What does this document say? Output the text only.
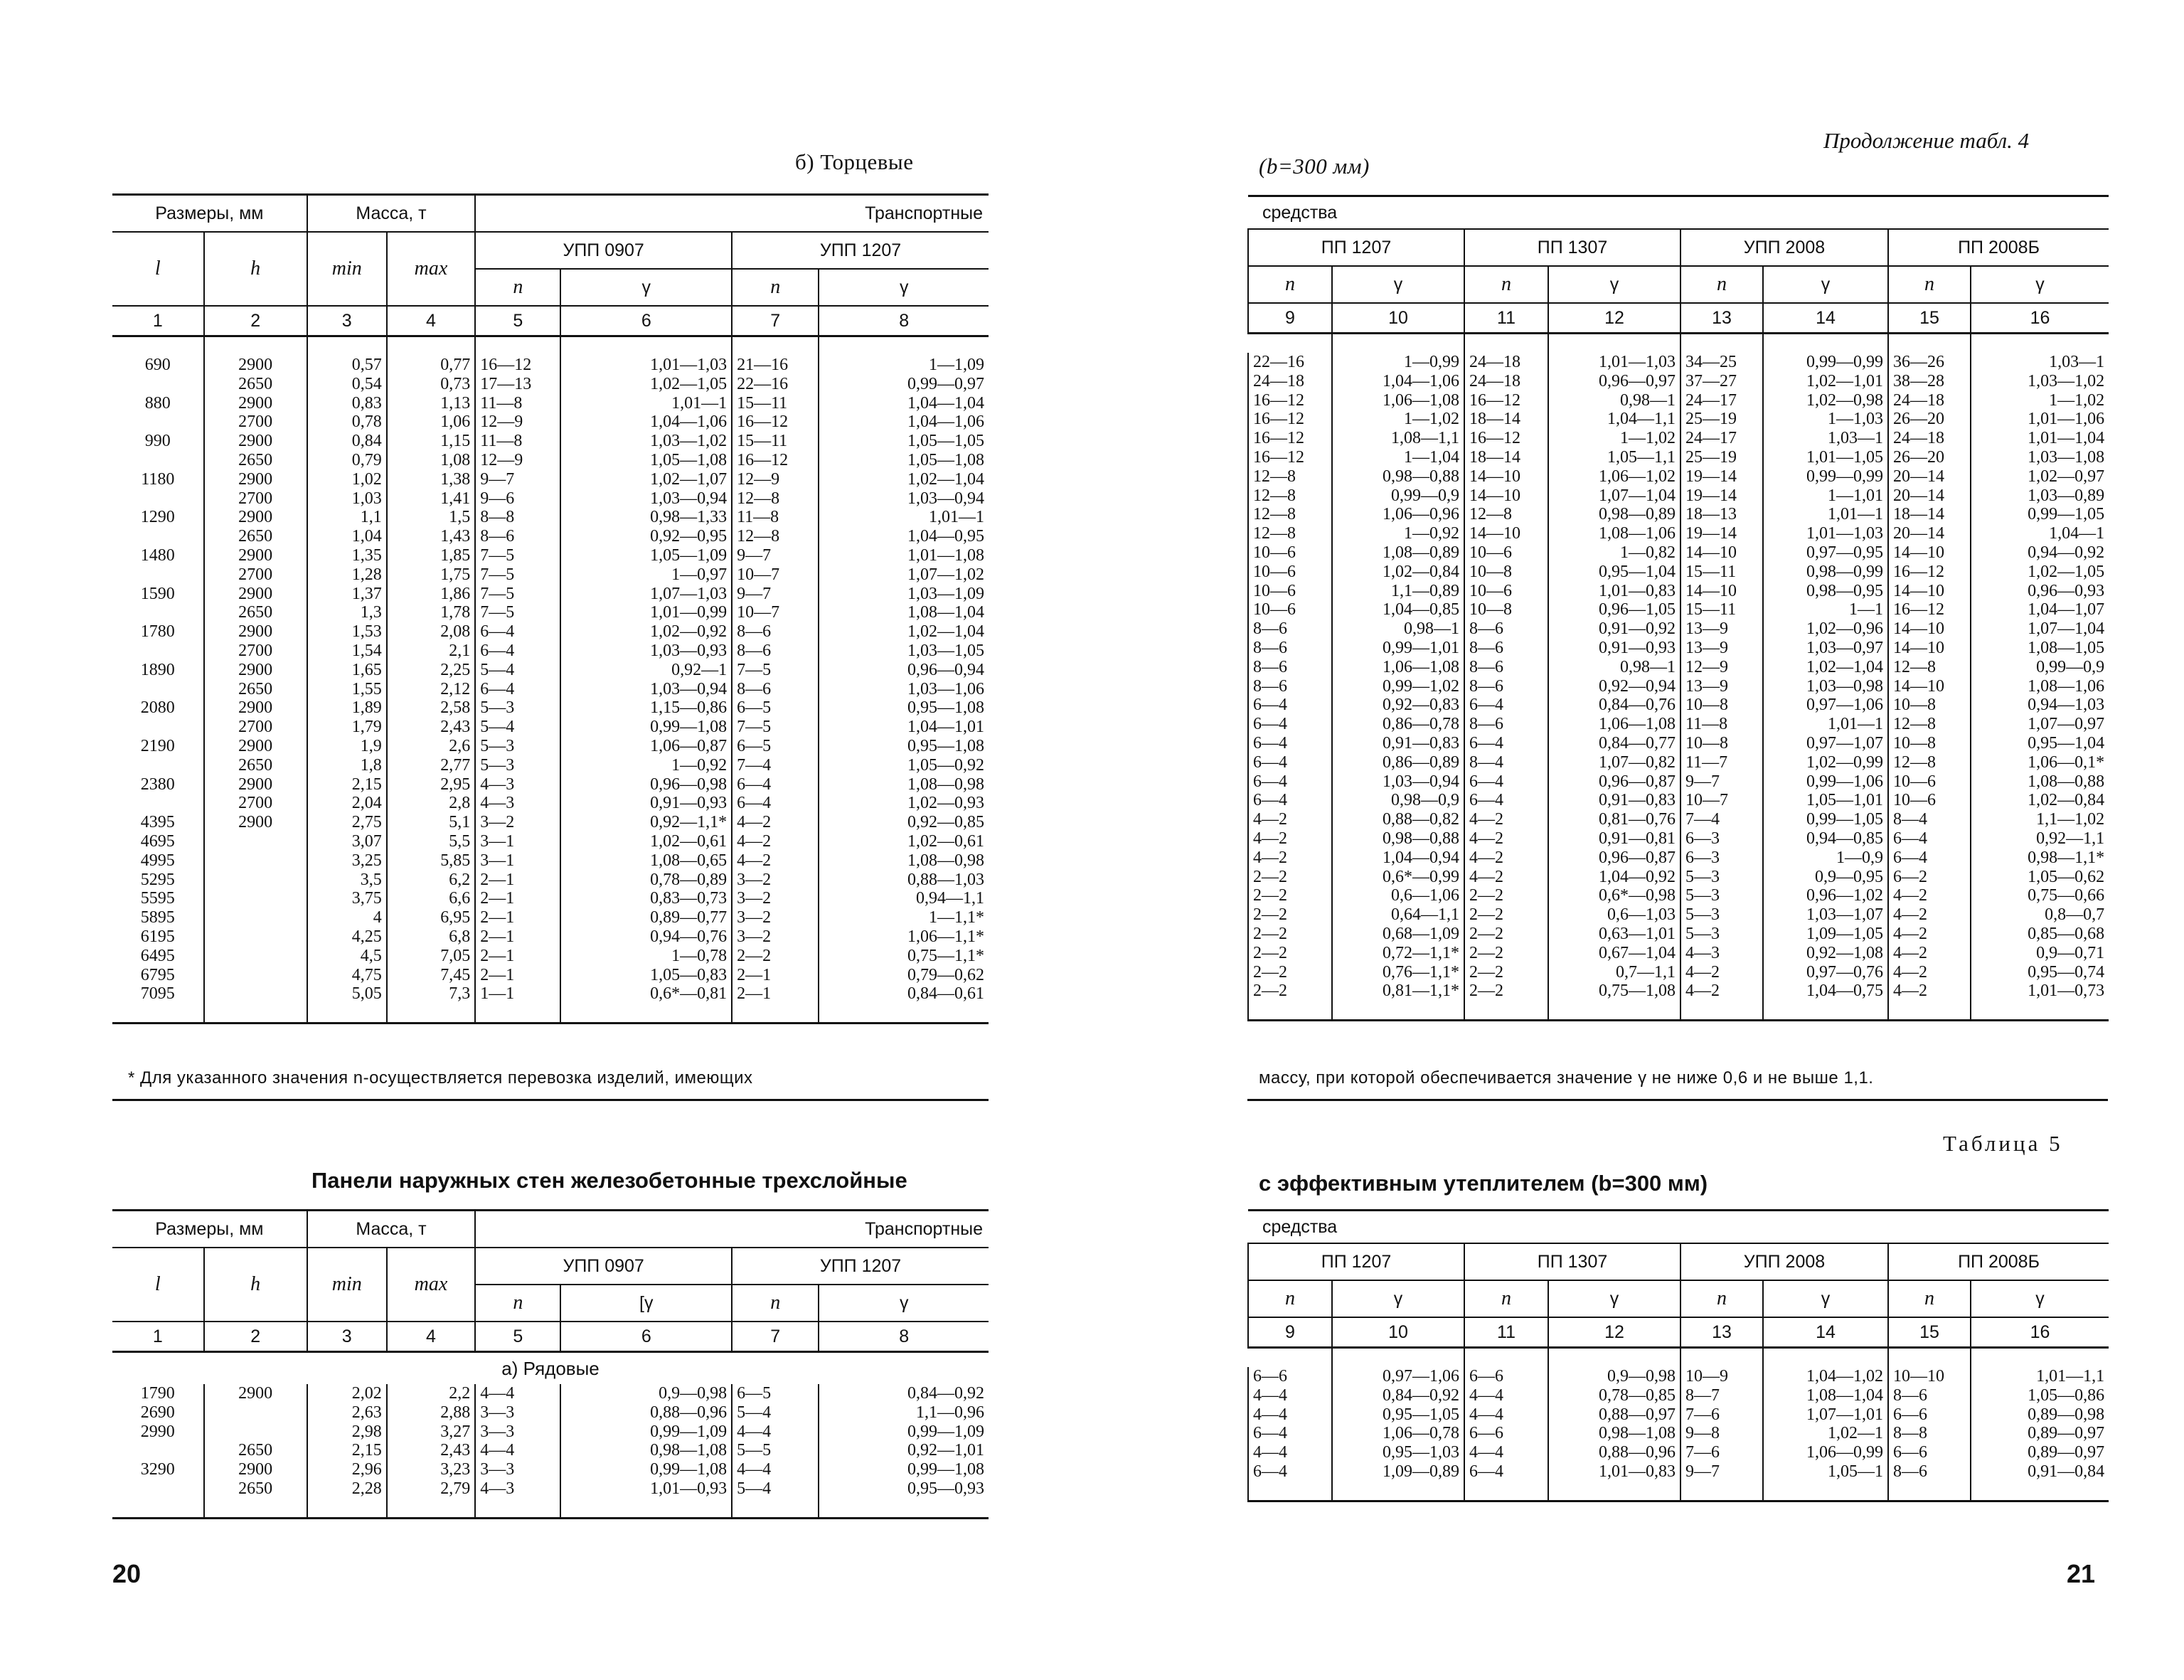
б) Торцевые
Размеры, мм		Масса, т		Транспортные			
l	h	min	max	УПП 0907		УПП 1207	
				n	γ	n	γ
1	2	3	4	5	6	7	8

690	2900	0,57	0,77	16—12	1,01—1,03	21—16	1—1,09
	2650	0,54	0,73	17—13	1,02—1,05	22—16	0,99—0,97
880	2900	0,83	1,13	11—8	1,01—1	15—11	1,04—1,04
	2700	0,78	1,06	12—9	1,04—1,06	16—12	1,04—1,06
990	2900	0,84	1,15	11—8	1,03—1,02	15—11	1,05—1,05
	2650	0,79	1,08	12—9	1,05—1,08	16—12	1,05—1,08
1180	2900	1,02	1,38	9—7	1,02—1,07	12—9	1,02—1,04
	2700	1,03	1,41	9—6	1,03—0,94	12—8	1,03—0,94
1290	2900	1,1	1,5	8—8	0,98—1,33	11—8	1,01—1
	2650	1,04	1,43	8—6	0,92—0,95	12—8	1,04—0,95
1480	2900	1,35	1,85	7—5	1,05—1,09	9—7	1,01—1,08
	2700	1,28	1,75	7—5	1—0,97	10—7	1,07—1,02
1590	2900	1,37	1,86	7—5	1,07—1,03	9—7	1,03—1,09
	2650	1,3	1,78	7—5	1,01—0,99	10—7	1,08—1,04
1780	2900	1,53	2,08	6—4	1,02—0,92	8—6	1,02—1,04
	2700	1,54	2,1	6—4	1,03—0,93	8—6	1,03—1,05
1890	2900	1,65	2,25	5—4	0,92—1	7—5	0,96—0,94
	2650	1,55	2,12	6—4	1,03—0,94	8—6	1,03—1,06
2080	2900	1,89	2,58	5—3	1,15—0,86	6—5	0,95—1,08
	2700	1,79	2,43	5—4	0,99—1,08	7—5	1,04—1,01
2190	2900	1,9	2,6	5—3	1,06—0,87	6—5	0,95—1,08
	2650	1,8	2,77	5—3	1—0,92	7—4	1,05—0,92
2380	2900	2,15	2,95	4—3	0,96—0,98	6—4	1,08—0,98
	2700	2,04	2,8	4—3	0,91—0,93	6—4	1,02—0,93
4395	2900	2,75	5,1	3—2	0,92—1,1*	4—2	0,92—0,85
4695		3,07	5,5	3—1	1,02—0,61	4—2	1,02—0,61
4995		3,25	5,85	3—1	1,08—0,65	4—2	1,08—0,98
5295		3,5	6,2	2—1	0,78—0,89	3—2	0,88—1,03
5595		3,75	6,6	2—1	0,83—0,73	3—2	0,94—1,1
5895		4	6,95	2—1	0,89—0,77	3—2	1—1,1*
6195		4,25	6,8	2—1	0,94—0,76	3—2	1,06—1,1*
6495		4,5	7,05	2—1	1—0,78	2—2	0,75—1,1*
6795		4,75	7,45	2—1	1,05—0,83	2—1	0,79—0,62
7095		5,05	7,3	1—1	0,6*—0,81	2—1	0,84—0,61

* Для указанного значения n-осуществляется перевозка изделий, имеющих
Панели наружных стен железобетонные трехслойные
Размеры, мм		Масса, т		Транспортные			
l	h	min	max	УПП 0907		УПП 1207	
				n	[γ	n	γ
1	2	3	4	5	6	7	8
а) Рядовые							
1790	2900	2,02	2,2	4—4	0,9—0,98	6—5	0,84—0,92
2690		2,63	2,88	3—3	0,88—0,96	5—4	1,1—0,96
2990		2,98	3,27	3—3	0,99—1,09	4—4	0,99—1,09
	2650	2,15	2,43	4—4	0,98—1,08	5—5	0,92—1,01
3290	2900	2,96	3,23	3—3	0,99—1,08	4—4	0,99—1,08
	2650	2,28	2,79	4—3	1,01—0,93	5—4	0,95—0,93

20
Продолжение табл. 4
(b=300 мм)
средства							
ПП 1207		ПП 1307		УПП 2008		ПП 2008Б	
n	γ	n	γ	n	γ	n	γ
9	10	11	12	13	14	15	16

22—16	1—0,99	24—18	1,01—1,03	34—25	0,99—0,99	36—26	1,03—1
24—18	1,04—1,06	24—18	0,96—0,97	37—27	1,02—1,01	38—28	1,03—1,02
16—12	1,06—1,08	16—12	0,98—1	24—17	1,02—0,98	24—18	1—1,02
16—12	1—1,02	18—14	1,04—1,1	25—19	1—1,03	26—20	1,01—1,06
16—12	1,08—1,1	16—12	1—1,02	24—17	1,03—1	24—18	1,01—1,04
16—12	1—1,04	18—14	1,05—1,1	25—19	1,01—1,05	26—20	1,03—1,08
12—8	0,98—0,88	14—10	1,06—1,02	19—14	0,99—0,99	20—14	1,02—0,97
12—8	0,99—0,9	14—10	1,07—1,04	19—14	1—1,01	20—14	1,03—0,89
12—8	1,06—0,96	12—8	0,98—0,89	18—13	1,01—1	18—14	0,99—1,05
12—8	1—0,92	14—10	1,08—1,06	19—14	1,01—1,03	20—14	1,04—1
10—6	1,08—0,89	10—6	1—0,82	14—10	0,97—0,95	14—10	0,94—0,92
10—6	1,02—0,84	10—8	0,95—1,04	15—11	0,98—0,99	16—12	1,02—1,05
10—6	1,1—0,89	10—6	1,01—0,83	14—10	0,98—0,95	14—10	0,96—0,93
10—6	1,04—0,85	10—8	0,96—1,05	15—11	1—1	16—12	1,04—1,07
8—6	0,98—1	8—6	0,91—0,92	13—9	1,02—0,96	14—10	1,07—1,04
8—6	0,99—1,01	8—6	0,91—0,93	13—9	1,03—0,97	14—10	1,08—1,05
8—6	1,06—1,08	8—6	0,98—1	12—9	1,02—1,04	12—8	0,99—0,9
8—6	0,99—1,02	8—6	0,92—0,94	13—9	1,03—0,98	14—10	1,08—1,06
6—4	0,92—0,83	6—4	0,84—0,76	10—8	0,97—1,06	10—8	0,94—1,03
6—4	0,86—0,78	8—6	1,06—1,08	11—8	1,01—1	12—8	1,07—0,97
6—4	0,91—0,83	6—4	0,84—0,77	10—8	0,97—1,07	10—8	0,95—1,04
6—4	0,86—0,89	8—4	1,07—0,82	11—7	1,02—0,99	12—8	1,06—0,1*
6—4	1,03—0,94	6—4	0,96—0,87	9—7	0,99—1,06	10—6	1,08—0,88
6—4	0,98—0,9	6—4	0,91—0,83	10—7	1,05—1,01	10—6	1,02—0,84
4—2	0,88—0,82	4—2	0,81—0,76	7—4	0,99—1,05	8—4	1,1—1,02
4—2	0,98—0,88	4—2	0,91—0,81	6—3	0,94—0,85	6—4	0,92—1,1
4—2	1,04—0,94	4—2	0,96—0,87	6—3	1—0,9	6—4	0,98—1,1*
2—2	0,6*—0,99	4—2	1,04—0,92	5—3	0,9—0,95	6—2	1,05—0,62
2—2	0,6—1,06	2—2	0,6*—0,98	5—3	0,96—1,02	4—2	0,75—0,66
2—2	0,64—1,1	2—2	0,6—1,03	5—3	1,03—1,07	4—2	0,8—0,7
2—2	0,68—1,09	2—2	0,63—1,01	5—3	1,09—1,05	4—2	0,85—0,68
2—2	0,72—1,1*	2—2	0,67—1,04	4—3	0,92—1,08	4—2	0,9—0,71
2—2	0,76—1,1*	2—2	0,7—1,1	4—2	0,97—0,76	4—2	0,95—0,74
2—2	0,81—1,1*	2—2	0,75—1,08	4—2	1,04—0,75	4—2	1,01—0,73

массу, при которой обеспечивается значение γ не ниже 0,6 и не выше 1,1.
Таблица 5
с эффективным утеплителем (b=300 мм)
средства							
ПП 1207		ПП 1307		УПП 2008		ПП 2008Б	
n	γ	n	γ	n	γ	n	γ
9	10	11	12	13	14	15	16

6—6	0,97—1,06	6—6	0,9—0,98	10—9	1,04—1,02	10—10	1,01—1,1
4—4	0,84—0,92	4—4	0,78—0,85	8—7	1,08—1,04	8—6	1,05—0,86
4—4	0,95—1,05	4—4	0,88—0,97	7—6	1,07—1,01	6—6	0,89—0,98
6—4	1,06—0,78	6—6	0,98—1,08	9—8	1,02—1	8—8	0,89—0,97
4—4	0,95—1,03	4—4	0,88—0,96	7—6	1,06—0,99	6—6	0,89—0,97
6—4	1,09—0,89	6—4	1,01—0,83	9—7	1,05—1	8—6	0,91—0,84

21
